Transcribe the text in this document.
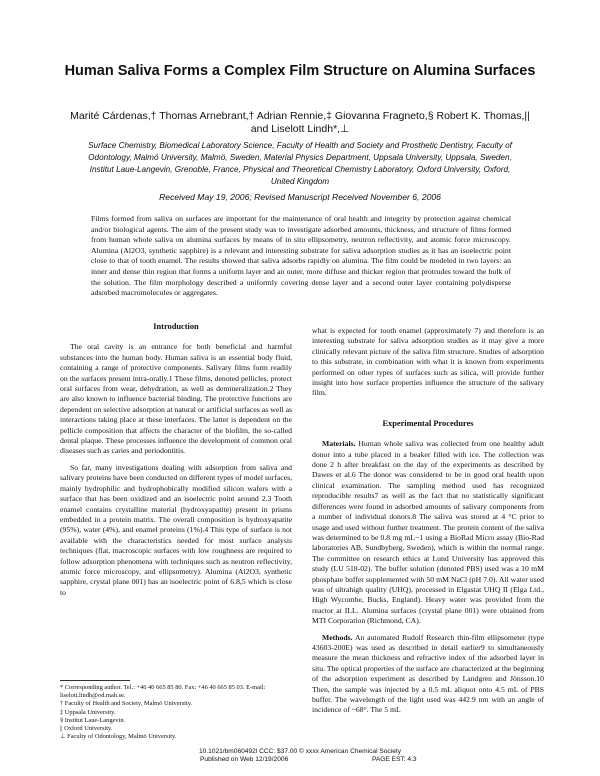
Human Saliva Forms a Complex Film Structure on Alumina Surfaces
Marité Cárdenas,† Thomas Arnebrant,† Adrian Rennie,‡ Giovanna Fragneto,§ Robert K. Thomas,|| and Liselott Lindh*,⊥
Surface Chemistry, Biomedical Laboratory Science, Faculty of Health and Society and Prosthetic Dentistry, Faculty of Odontology, Malmö University, Malmö, Sweden, Material Physics Department, Uppsala University, Uppsala, Sweden, Institut Laue-Langevin, Grenoble, France, Physical and Theoretical Chemistry Laboratory, Oxford University, Oxford, United Kingdom
Received May 19, 2006; Revised Manuscript Received November 6, 2006
Films formed from saliva on surfaces are important for the maintenance of oral health and integrity by protection against chemical and/or biological agents. The aim of the present study was to investigate adsorbed amounts, thickness, and structure of films formed from human whole saliva on alumina surfaces by means of in situ ellipsometry, neutron reflectivity, and atomic force microscopy. Alumina (Al2O3, synthetic sapphire) is a relevant and interesting substrate for saliva adsorption studies as it has an isoelectric point close to that of tooth enamel. The results showed that saliva adsorbs rapidly on alumina. The film could be modeled in two layers: an inner and dense thin region that forms a uniform layer and an outer, more diffuse and thicker region that protrudes toward the bulk of the solution. The film morphology described a uniformly covering dense layer and a second outer layer containing polydisperse adsorbed macromolecules or aggregates.
Introduction

The oral cavity is an entrance for both beneficial and harmful substances into the human body. Human saliva is an essential body fluid, containing a range of protective components. Salivary films form readily on the surfaces present intra-orally.1 These films, denoted pellicles, protect oral surfaces from wear, dehydration, as well as demineralization.2 They are also known to influence bacterial binding. The protective functions are dependent on selective adsorption at natural or artificial surfaces as well as interactions taking place at these interfaces. The latter is dependent on the pellicle composition that affects the character of the biofilm, the so-called dental plaque. These processes influence the development of common oral diseases such as caries and periodontitis.

So far, many investigations dealing with adsorption from saliva and salivary proteins have been conducted on different types of model surfaces, mainly hydrophilic and hydrophobically modified silicon wafers with a surface that has been oxidized and an isoelectric point around 2.3 Tooth enamel contains crystalline material (hydroxyapatite) present in prisms embedded in a protein matrix. The overall composition is hydroxyapatite (95%), water (4%), and enamel proteins (1%).4 This type of surface is not available with the characteristics needed for most surface analysis techniques (flat, macroscopic surfaces with low roughness are required to follow adsorption phenomena with techniques such as neutron reflectivity, atomic force microscopy, and ellipsometry). Alumina (Al2O3, synthetic sapphire, crystal plane 001) has an isoelectric point of 6.8,5 which is close to

what is expected for tooth enamel (approximately 7) and therefore is an interesting substrate for saliva adsorption studies as it may give a more clinically relevant picture of the saliva film structure. Studies of adsorption to this substrate, in combination with what it is known from experiments performed on other types of surfaces such as silica, will provide further insight into how surface properties influence the structure of the salivary film.

Experimental Procedures

Materials. Human whole saliva was collected from one healthy adult donor into a tube placed in a beaker filled with ice. The collection was done 2 h after breakfast on the day of the experiments as described by Dawes et al.6 The donor was considered to be in good oral health upon clinical examination. The sampling method used has recognized reproducible results7 as well as the fact that no statistically significant differences were found in adsorbed amounts of salivary components from a number of individual donors.8 The saliva was stored at 4 °C prior to usage and used without further treatment. The protein content of the saliva was determined to be 0.8 mg mL−1 using a BioRad Micro assay (Bio-Rad laboratories AB, Sundbyberg, Sweden), which is within the normal range. The committee on research ethics at Lund University has approved this study (LU 518-02). The buffer solution (denoted PBS) used was a 10 mM phosphate buffer supplemented with 50 mM NaCl (pH 7.0). All water used was of ultrahigh quality (UHQ), processed in Elgastat UHQ II (Elga Ltd., High Wycombe, Bucks, England). Heavy water was provided from the reactor at ILL. Alumina surfaces (crystal plane 001) were obtained from MTI Corporation (Richmond, CA).

Methods. An automated Rudolf Research thin-film ellipsometer (type 43603-200E) was used as described in detail earlier9 to simultaneously measure the mean thickness and refractive index of the adsorbed layer in situ. The optical properties of the surface are characterized at the beginning of the adsorption experiment as described by Landgren and Jönsson.10 Then, the sample was injected by a 0.5 mL aliquot onto 4.5 mL of PBS buffer. The wavelength of the light used was 442.9 nm with an angle of incidence of ~68°. The 5 mL

* Corresponding author. Tel.: +46 40 665 85 80. Fax: +46 40 665 85 03. E-mail: liselott.lindh@od.mah.se.

† Faculty of Health and Society, Malmö University.

‡ Uppsala University.

§ Institut Laue-Langevin.

|| Oxford University.

⊥ Faculty of Odontology, Malmö University.

10.1021/bm060492l CCC: $37.00 © xxxx American Chemical Society
Published on Web 12/19/2006	PAGE EST: 4.3
